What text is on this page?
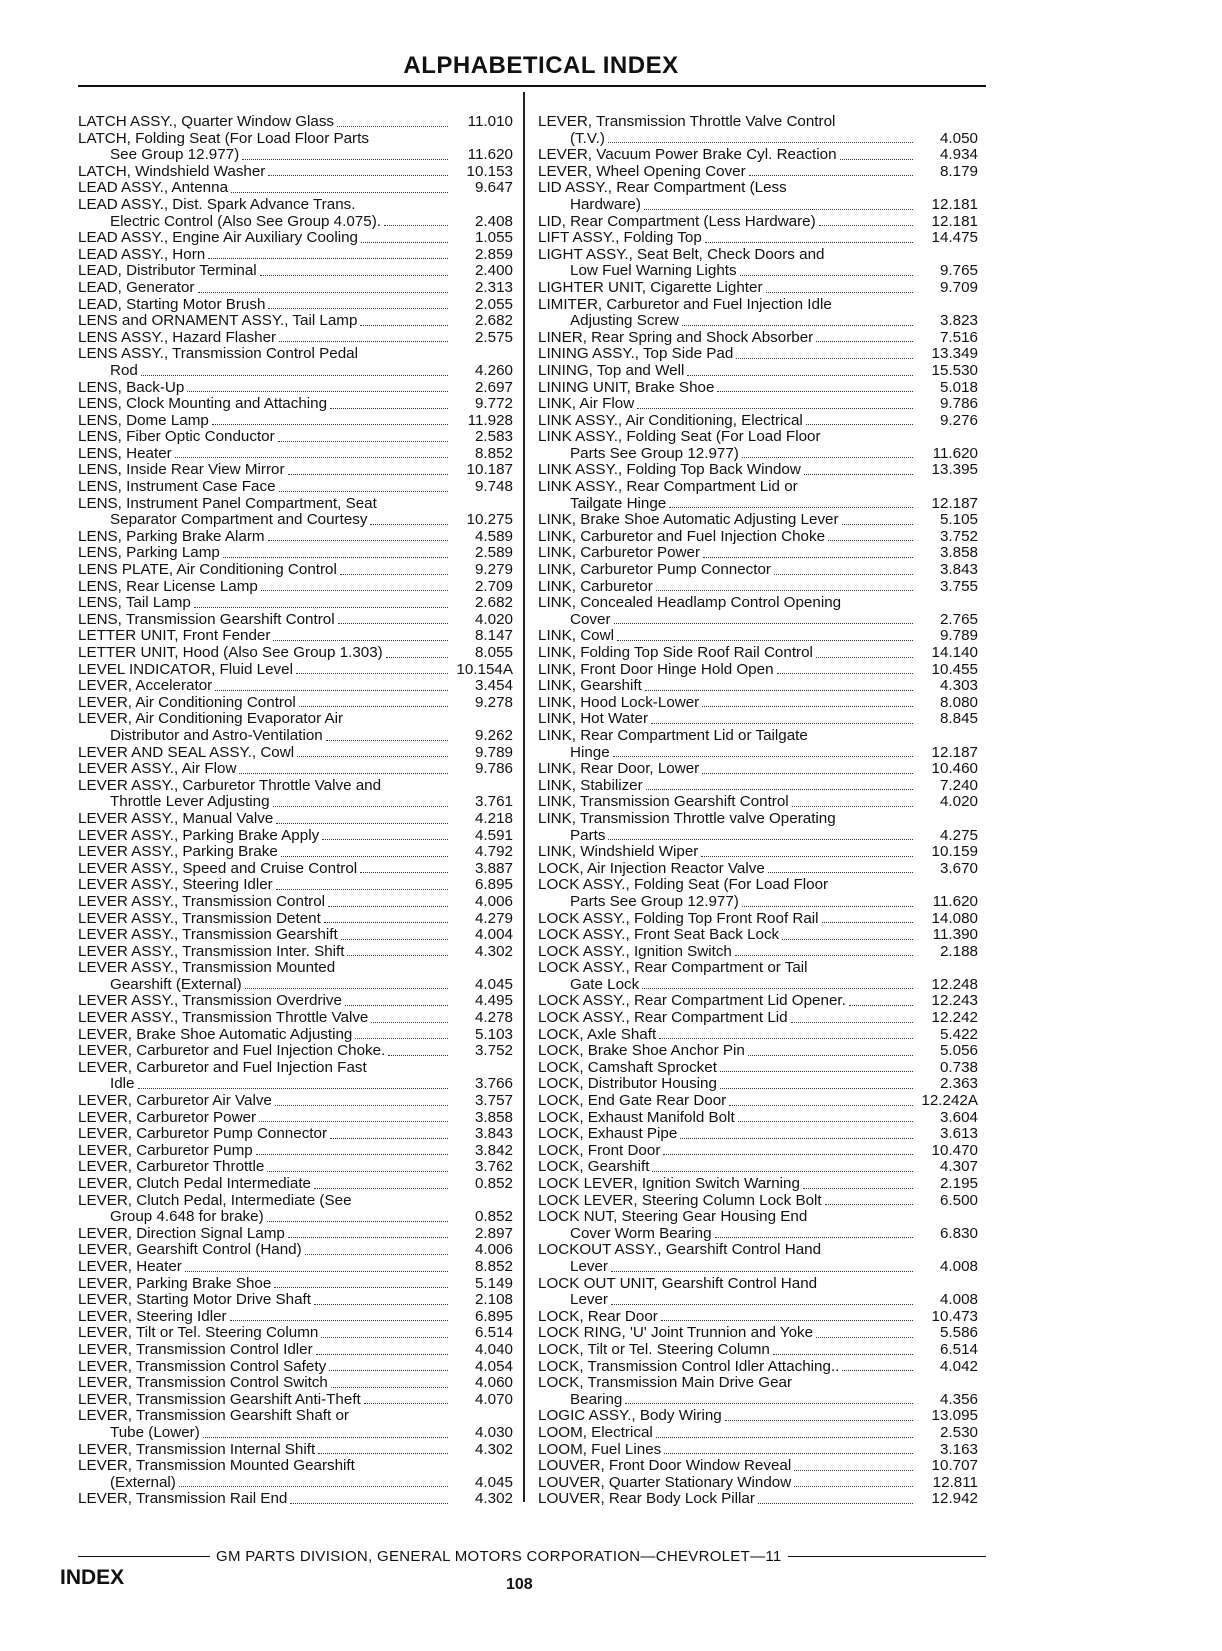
ALPHABETICAL INDEX
LATCH ASSY., Quarter Window Glass	11.010
LATCH, Folding Seat (For Load Floor Parts
See Group 12.977)	11.620
LATCH, Windshield Washer	10.153
LEAD ASSY., Antenna	9.647
LEAD ASSY., Dist. Spark Advance Trans.
Electric Control (Also See Group 4.075).	2.408
LEAD ASSY., Engine Air Auxiliary Cooling	1.055
LEAD ASSY., Horn	2.859
LEAD, Distributor Terminal	2.400
LEAD, Generator	2.313
LEAD, Starting Motor Brush	2.055
LENS and ORNAMENT ASSY., Tail Lamp	2.682
LENS ASSY., Hazard Flasher	2.575
LENS ASSY., Transmission Control Pedal
Rod	4.260
LENS, Back-Up	2.697
LENS, Clock Mounting and Attaching	9.772
LENS, Dome Lamp	11.928
LENS, Fiber Optic Conductor	2.583
LENS, Heater	8.852
LENS, Inside Rear View Mirror	10.187
LENS, Instrument Case Face	9.748
LENS, Instrument Panel Compartment, Seat
Separator Compartment and Courtesy	10.275
LENS, Parking Brake Alarm	4.589
LENS, Parking Lamp	2.589
LENS PLATE, Air Conditioning Control	9.279
LENS, Rear License Lamp	2.709
LENS, Tail Lamp	2.682
LENS, Transmission Gearshift Control	4.020
LETTER UNIT, Front Fender	8.147
LETTER UNIT, Hood (Also See Group 1.303)	8.055
LEVEL INDICATOR, Fluid Level	10.154A
LEVER, Accelerator	3.454
LEVER, Air Conditioning Control	9.278
LEVER, Air Conditioning Evaporator Air
Distributor and Astro-Ventilation	9.262
LEVER AND SEAL ASSY., Cowl	9.789
LEVER ASSY., Air Flow	9.786
LEVER ASSY., Carburetor Throttle Valve and
Throttle Lever Adjusting	3.761
LEVER ASSY., Manual Valve	4.218
LEVER ASSY., Parking Brake Apply	4.591
LEVER ASSY., Parking Brake	4.792
LEVER ASSY., Speed and Cruise Control	3.887
LEVER ASSY., Steering Idler	6.895
LEVER ASSY., Transmission Control	4.006
LEVER ASSY., Transmission Detent	4.279
LEVER ASSY., Transmission Gearshift	4.004
LEVER ASSY., Transmission Inter. Shift	4.302
LEVER ASSY., Transmission Mounted
Gearshift (External)	4.045
LEVER ASSY., Transmission Overdrive	4.495
LEVER ASSY., Transmission Throttle Valve	4.278
LEVER, Brake Shoe Automatic Adjusting	5.103
LEVER, Carburetor and Fuel Injection Choke.	3.752
LEVER, Carburetor and Fuel Injection Fast
Idle	3.766
LEVER, Carburetor Air Valve	3.757
LEVER, Carburetor Power	3.858
LEVER, Carburetor Pump Connector	3.843
LEVER, Carburetor Pump	3.842
LEVER, Carburetor Throttle	3.762
LEVER, Clutch Pedal Intermediate	0.852
LEVER, Clutch Pedal, Intermediate (See
Group 4.648 for brake)	0.852
LEVER, Direction Signal Lamp	2.897
LEVER, Gearshift Control (Hand)	4.006
LEVER, Heater	8.852
LEVER, Parking Brake Shoe	5.149
LEVER, Starting Motor Drive Shaft	2.108
LEVER, Steering Idler	6.895
LEVER, Tilt or Tel. Steering Column	6.514
LEVER, Transmission Control Idler	4.040
LEVER, Transmission Control Safety	4.054
LEVER, Transmission Control Switch	4.060
LEVER, Transmission Gearshift Anti-Theft	4.070
LEVER, Transmission Gearshift Shaft or
Tube (Lower)	4.030
LEVER, Transmission Internal Shift	4.302
LEVER, Transmission Mounted Gearshift
(External)	4.045
LEVER, Transmission Rail End	4.302
LEVER, Transmission Throttle Valve Control
(T.V.)	4.050
LEVER, Vacuum Power Brake Cyl. Reaction	4.934
LEVER, Wheel Opening Cover	8.179
LID ASSY., Rear Compartment (Less
Hardware)	12.181
LID, Rear Compartment (Less Hardware)	12.181
LIFT ASSY., Folding Top	14.475
LIGHT ASSY., Seat Belt, Check Doors and
Low Fuel Warning Lights	9.765
LIGHTER UNIT, Cigarette Lighter	9.709
LIMITER, Carburetor and Fuel Injection Idle
Adjusting Screw	3.823
LINER, Rear Spring and Shock Absorber	7.516
LINING ASSY., Top Side Pad	13.349
LINING, Top and Well	15.530
LINING UNIT, Brake Shoe	5.018
LINK, Air Flow	9.786
LINK ASSY., Air Conditioning, Electrical	9.276
LINK ASSY., Folding Seat (For Load Floor
Parts See Group 12.977)	11.620
LINK ASSY., Folding Top Back Window	13.395
LINK ASSY., Rear Compartment Lid or
Tailgate Hinge	12.187
LINK, Brake Shoe Automatic Adjusting Lever	5.105
LINK, Carburetor and Fuel Injection Choke	3.752
LINK, Carburetor Power	3.858
LINK, Carburetor Pump Connector	3.843
LINK, Carburetor	3.755
LINK, Concealed Headlamp Control Opening
Cover	2.765
LINK, Cowl	9.789
LINK, Folding Top Side Roof Rail Control	14.140
LINK, Front Door Hinge Hold Open	10.455
LINK, Gearshift	4.303
LINK, Hood Lock-Lower	8.080
LINK, Hot Water	8.845
LINK, Rear Compartment Lid or Tailgate
Hinge	12.187
LINK, Rear Door, Lower	10.460
LINK, Stabilizer	7.240
LINK, Transmission Gearshift Control	4.020
LINK, Transmission Throttle valve Operating
Parts	4.275
LINK, Windshield Wiper	10.159
LOCK, Air Injection Reactor Valve	3.670
LOCK ASSY., Folding Seat (For Load Floor
Parts See Group 12.977)	11.620
LOCK ASSY., Folding Top Front Roof Rail	14.080
LOCK ASSY., Front Seat Back Lock	11.390
LOCK ASSY., Ignition Switch	2.188
LOCK ASSY., Rear Compartment or Tail
Gate Lock	12.248
LOCK ASSY., Rear Compartment Lid Opener.	12.243
LOCK ASSY., Rear Compartment Lid	12.242
LOCK, Axle Shaft	5.422
LOCK, Brake Shoe Anchor Pin	5.056
LOCK, Camshaft Sprocket	0.738
LOCK, Distributor Housing	2.363
LOCK, End Gate Rear Door	12.242A
LOCK, Exhaust Manifold Bolt	3.604
LOCK, Exhaust Pipe	3.613
LOCK, Front Door	10.470
LOCK, Gearshift	4.307
LOCK LEVER, Ignition Switch Warning	2.195
LOCK LEVER, Steering Column Lock Bolt	6.500
LOCK NUT, Steering Gear Housing End
Cover Worm Bearing	6.830
LOCKOUT ASSY., Gearshift Control Hand
Lever	4.008
LOCK OUT UNIT, Gearshift Control Hand
Lever	4.008
LOCK, Rear Door	10.473
LOCK RING, 'U' Joint Trunnion and Yoke	5.586
LOCK, Tilt or Tel. Steering Column	6.514
LOCK, Transmission Control Idler Attaching..	4.042
LOCK, Transmission Main Drive Gear
Bearing	4.356
LOGIC ASSY., Body Wiring	13.095
LOOM, Electrical	2.530
LOOM, Fuel Lines	3.163
LOUVER, Front Door Window Reveal	10.707
LOUVER, Quarter Stationary Window	12.811
LOUVER, Rear Body Lock Pillar	12.942
GM PARTS DIVISION, GENERAL MOTORS CORPORATION—CHEVROLET—11
INDEX	108
